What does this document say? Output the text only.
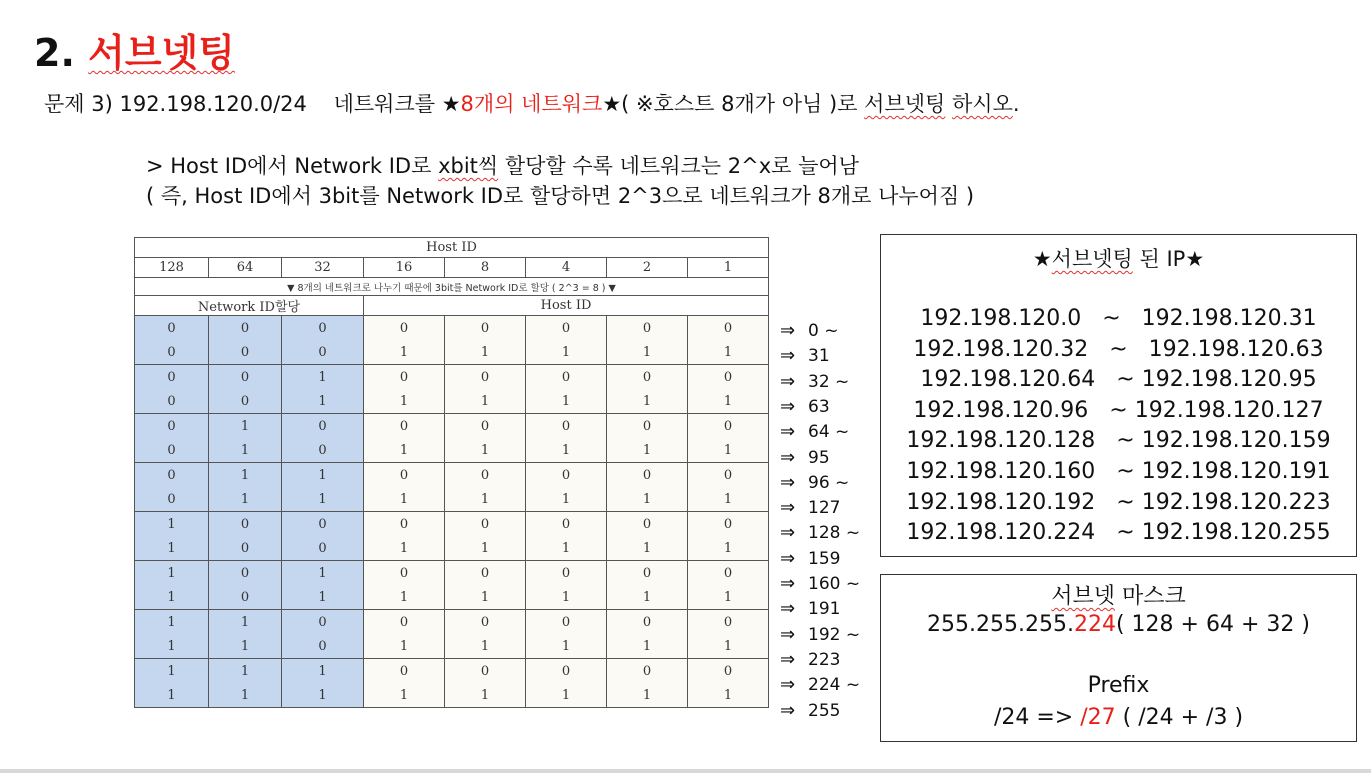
2. 서브넷팅
문제 3) 192.198.120.0/24    네트워크를 ★8개의 네트워크★( ※호스트 8개가 아님 )로 서브넷팅 하시오.
> Host ID에서 Network ID로 xbit씩 할당할 수록 네트워크는 2^x로 늘어남
( 즉, Host ID에서 3bit를 Network ID로 할당하면 2^3으로 네트워크가 8개로 나누어짐 )
Host ID							
128	64	32	16	8	4	2	1
▼ 8개의 네트워크로 나누기 때문에 3bit를 Network ID로 할당 ( 2^3 = 8 ) ▼							
Network ID할당			Host ID				
0	0	0	0	0	0	0	0
0	0	0	1	1	1	1	1
0	0	1	0	0	0	0	0
0	0	1	1	1	1	1	1
0	1	0	0	0	0	0	0
0	1	0	1	1	1	1	1
0	1	1	0	0	0	0	0
0	1	1	1	1	1	1	1
1	0	0	0	0	0	0	0
1	0	0	1	1	1	1	1
1	0	1	0	0	0	0	0
1	0	1	1	1	1	1	1
1	1	0	0	0	0	0	0
1	1	0	1	1	1	1	1
1	1	1	0	0	0	0	0
1	1	1	1	1	1	1	1
⇒ 0 ~
⇒ 31
⇒ 32 ~
⇒ 63
⇒ 64 ~
⇒ 95
⇒ 96 ~
⇒ 127
⇒ 128 ~
⇒ 159
⇒ 160 ~
⇒ 191
⇒ 192 ~
⇒ 223
⇒ 224 ~
⇒ 255
★서브넷팅 된 IP★
192.198.120.0   ~   192.198.120.31
192.198.120.32   ~   192.198.120.63
192.198.120.64   ~ 192.198.120.95
192.198.120.96   ~ 192.198.120.127
192.198.120.128   ~ 192.198.120.159
192.198.120.160   ~ 192.198.120.191
192.198.120.192   ~ 192.198.120.223
192.198.120.224   ~ 192.198.120.255
서브넷 마스크
255.255.255.224( 128 + 64 + 32 )
Prefix
/24 => /27 ( /24 + /3 )
